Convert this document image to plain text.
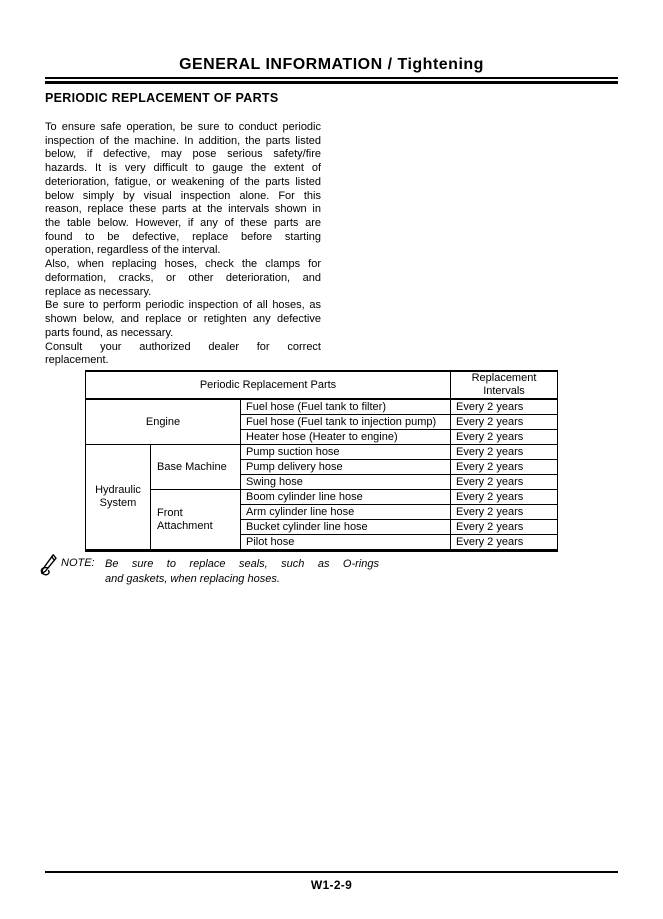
GENERAL INFORMATION / Tightening
PERIODIC REPLACEMENT OF PARTS
To ensure safe operation, be sure to conduct periodic
inspection of the machine. In addition, the parts listed
below, if defective, may pose serious safety/fire
hazards. It is very difficult to gauge the extent of
deterioration, fatigue, or weakening of the parts listed
below simply by visual inspection alone. For this
reason, replace these parts at the intervals shown in
the table below. However, if any of these parts are
found to be defective, replace before starting
operation, regardless of the interval.
Also, when replacing hoses, check the clamps for
deformation, cracks, or other deterioration, and
replace as necessary.
Be sure to perform periodic inspection of all hoses, as
shown below, and replace or retighten any defective
parts found, as necessary.
Consult your authorized dealer for correct
replacement.
Periodic Replacement Parts			Replacement
Intervals

Engine		Fuel hose (Fuel tank to filter)	Every 2 years
		Fuel hose (Fuel tank to injection pump)	Every 2 years
		Heater hose (Heater to engine)	Every 2 years
Hydraulic System	Base Machine	Pump suction hose	Every 2 years
		Pump delivery hose	Every 2 years
		Swing hose	Every 2 years
	Front Attachment	Boom cylinder line hose	Every 2 years
		Arm cylinder line hose	Every 2 years
		Bucket cylinder line hose	Every 2 years
		Pilot hose	Every 2 years
NOTE: Be sure to replace seals, such as O-rings
and gaskets, when replacing hoses.
W1-2-9
